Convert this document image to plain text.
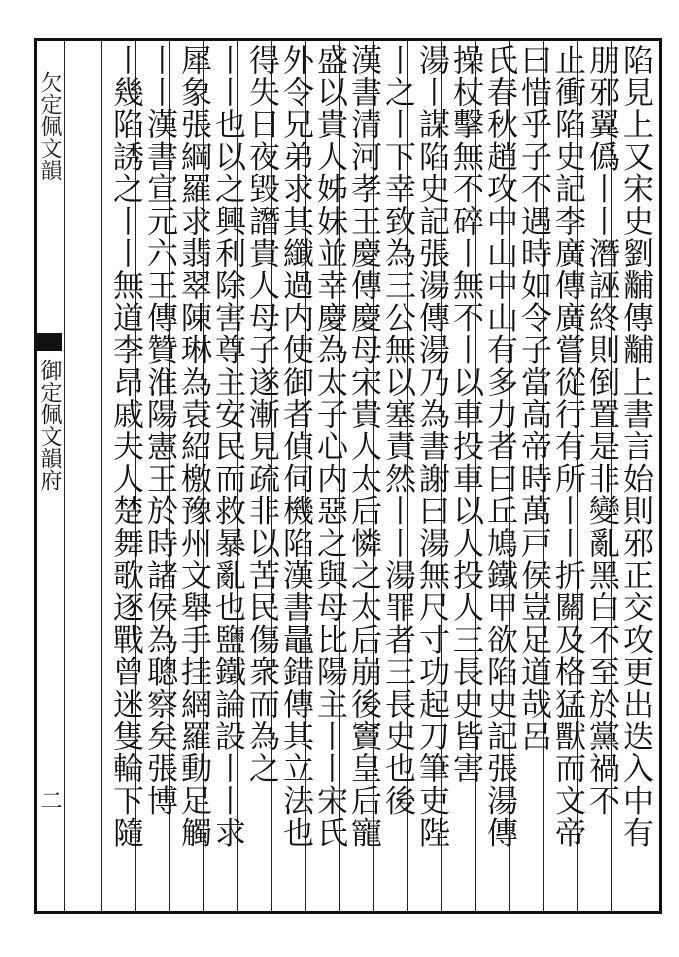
欠定佩文韻
御定佩文韻府
二	陷見上又宋史劉黼傳黼上書言始則邪正交攻更出迭入中有
朋邪翼僞丨丨潛誣終則倒置是非變亂黑白不至於黨禍不
止衝陷史記李廣傳廣嘗從行有所丨丨折關及格猛獸而文帝
曰惜乎子不遇時如令子當高帝時萬戸侯豈足道哉呂
氏春秋趙攻中山中山有多力者曰丘鳩鐵甲欲陷史記張湯傳
操杖擊無不碎丨無不丨以車投車以人投人三長史皆害
湯丨謀陷史記張湯傳湯乃為書謝曰湯無尺寸功起刀筆吏陛
丨之丨下幸致為三公無以塞責然丨丨湯罪者三長史也後
漢書清河孝王慶傳慶母宋貴人太后憐之太后崩後竇皇后寵
盛以貴人姊妹並幸慶為太子心内惡之與母比陽主丨丨宋氏
外令兄弟求其纖過内使御者偵伺機陷漢書鼂錯傳其立法也
得失日夜毀譖貴人母子遂漸見疏非以苦民傷衆而為之
丨丨也以之興利除害尊主安民而救暴亂也鹽鐵論設丨丨求
犀象張綱羅求翡翠陳琳為袁紹檄豫州文舉手挂網羅動足觸
丨丨漢書宣元六王傳贊淮陽憲王於時諸侯為聰察矣張博
丨幾陷誘之丨丨無道李昂戚夫人楚舞歌逐戰曾迷隻輪下隨
